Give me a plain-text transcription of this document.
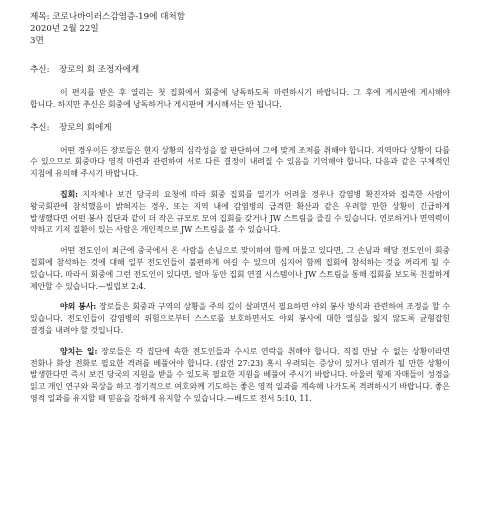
제목: 코로나바이러스감염증-19에 대처함
2020년 2월 22일
3면
추신: 장로의 회 조정자에게

이 편지를 받은 후 열리는 첫 집회에서 회중에 낭독하도록 마련하시기 바랍니다. 그 후에 게시판에 게시해야 합니다. 하지만 추신은 회중에 낭독하거나 게시판에 게시해서는 안 됩니다.

추신: 장로의 회에게

어떤 경우이든 장로들은 현지 상황의 심각성을 잘 판단하여 그에 맞게 조처를 취해야 합니다. 지역마다 상황이 다를 수 있으므로 회중마다 영적 마련과 관련하여 서로 다른 결정이 내려질 수 있음을 기억해야 합니다. 다음과 같은 구체적인 지침에 유의해 주시기 바랍니다.

집회: 지자체나 보건 당국의 요청에 따라 회중 집회를 열기가 어려울 경우나 감염병 확진자와 접촉한 사람이 왕국회관에 참석했음이 밝혀지는 경우, 또는 지역 내에 감염병의 급격한 확산과 같은 우려할 만한 상황이 긴급하게 발생했다면 어떤 봉사 집단과 같이 더 작은 규모로 모여 집회를 갖거나 JW 스트림을 즐길 수 있습니다. 연로하거나 면역력이 약하고 기저 질환이 있는 사람은 개인적으로 JW 스트림을 볼 수 있습니다.

어떤 전도인이 최근에 중국에서 온 사람을 손님으로 맞이하여 함께 머물고 있다면, 그 손님과 해당 전도인이 회중 집회에 참석하는 것에 대해 일부 전도인들이 불편하게 여길 수 있으며 심지어 함께 집회에 참석하는 것을 꺼리게 될 수 있습니다. 따라서 회중에 그런 전도인이 있다면, 얼마 동안 집회 연결 시스템이나 JW 스트림을 통해 집회를 보도록 친절하게 제안할 수 있습니다.—빌립보 2:4.

야외 봉사: 장로들은 회중과 구역의 상황을 주의 깊이 살펴면서 필요하면 야외 봉사 방식과 관련하여 조정을 할 수 있습니다. 전도인들이 감염병의 위험으로부터 스스로를 보호하면서도 야외 봉사에 대한 열심을 잃지 않도록 균형잡힌 결정을 내려야 할 것입니다.

양치는 일: 장로들은 각 집단에 속한 전도인들과 수시로 연락을 취해야 합니다. 직접 만날 수 없는 상황이라면 전화나 화상 전화로 필요한 격려를 베풀어야 합니다. (잠언 27:23) 혹시 우려되는 증상이 있거나 염려가 될 만한 상황이 발생한다면 즉시 보건 당국의 지원을 받을 수 있도록 필요한 지원을 베풀어 주시기 바랍니다. 아울러 형제 자매들이 성경을 읽고 개인 연구와 묵상을 하고 정기적으로 여호와께 기도하는 좋은 영적 일과를 계속해 나가도록 격려하시기 바랍니다. 좋은 영적 일과를 유지할 때 믿음을 강하게 유지할 수 있습니다.—베드로 전서 5:10, 11.
